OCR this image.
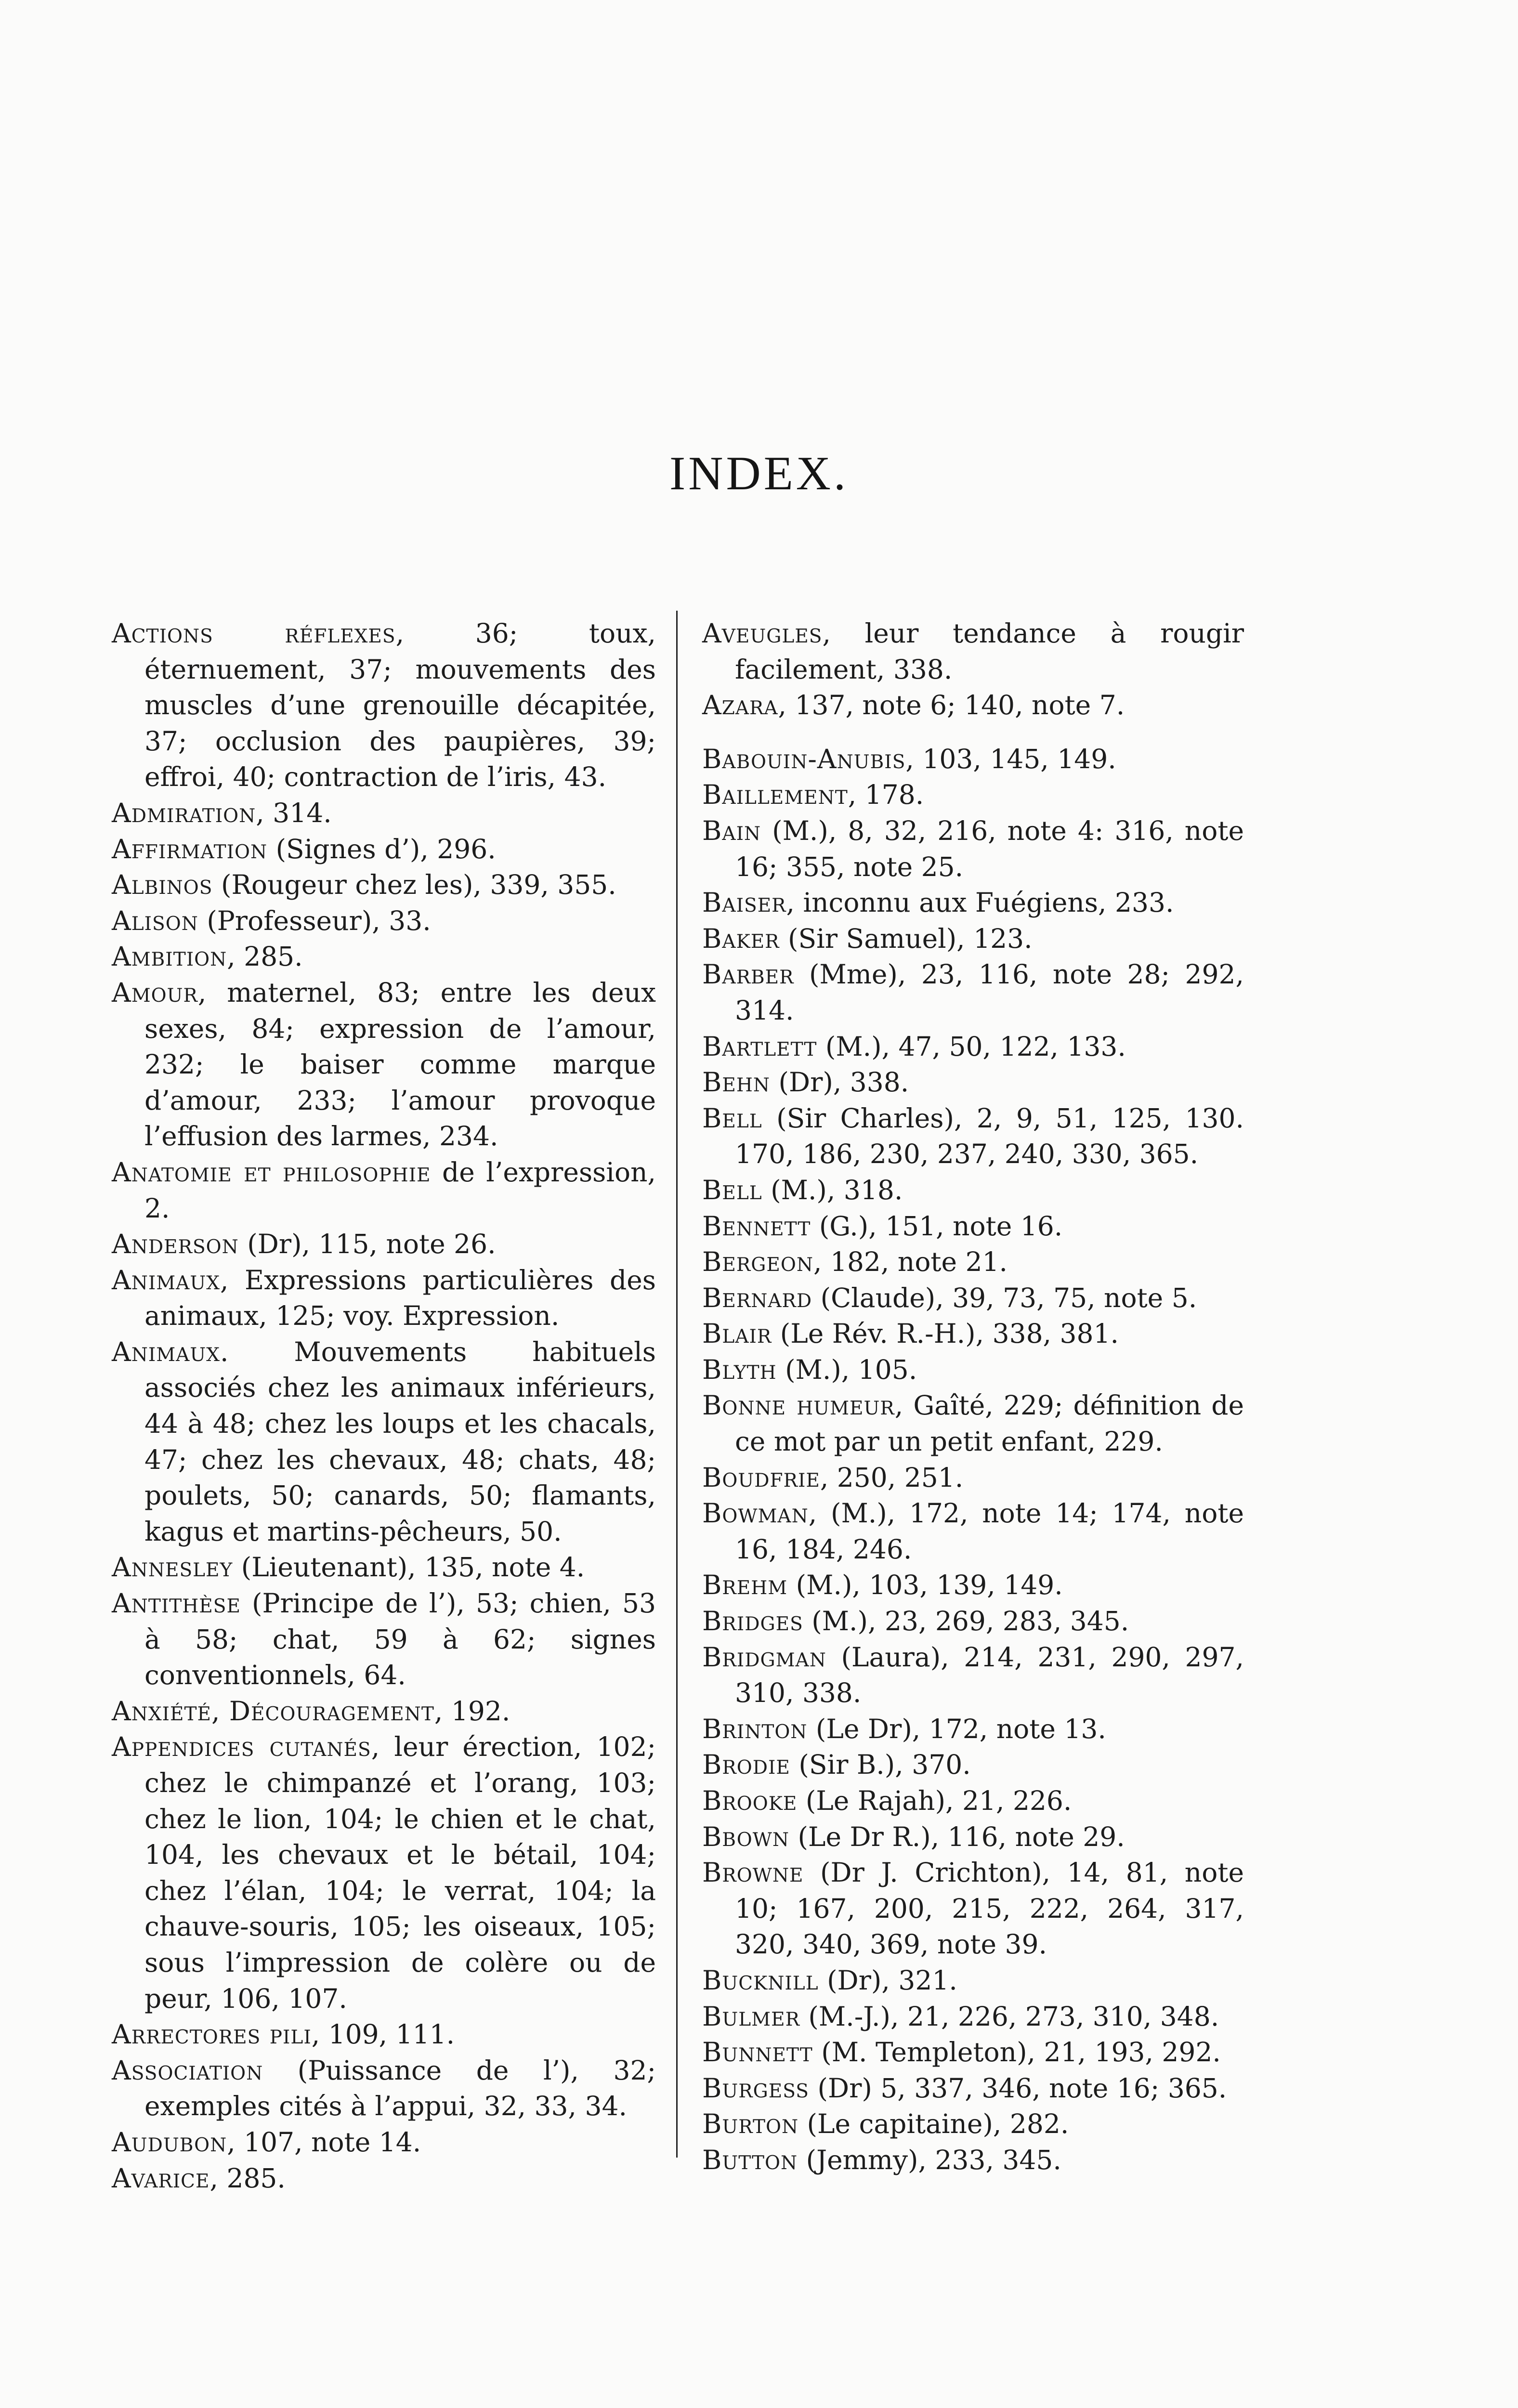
INDEX.
Actions réflexes, 36; toux, éternuement, 37; mouvements des muscles d’une grenouille décapitée, 37; occlusion des paupières, 39; effroi, 40; contraction de l’iris, 43.
Admiration, 314.
Affirmation (Signes d’), 296.
Albinos (Rougeur chez les), 339, 355.
Alison (Professeur), 33.
Ambition, 285.
Amour, maternel, 83; entre les deux sexes, 84; expression de l’amour, 232; le baiser comme marque d’amour, 233; l’amour provoque l’effusion des larmes, 234.
Anatomie et philosophie de l’expression, 2.
Anderson (Dr), 115, note 26.
Animaux, Expressions particulières des animaux, 125; voy. Expression.
Animaux. Mouvements habituels associés chez les animaux inférieurs, 44 à 48; chez les loups et les chacals, 47; chez les chevaux, 48; chats, 48; poulets, 50; canards, 50; flamants, kagus et martins-pêcheurs, 50.
Annesley (Lieutenant), 135, note 4.
Antithèse (Principe de l’), 53; chien, 53 à 58; chat, 59 à 62; signes conventionnels, 64.
Anxiété, Découragement, 192.
Appendices cutanés, leur érection, 102; chez le chimpanzé et l’orang, 103; chez le lion, 104; le chien et le chat, 104, les chevaux et le bétail, 104; chez l’élan, 104; le verrat, 104; la chauve-souris, 105; les oiseaux, 105; sous l’impression de colère ou de peur, 106, 107.
Arrectores pili, 109, 111.
Association (Puissance de l’), 32; exemples cités à l’appui, 32, 33, 34.
Audubon, 107, note 14.
Avarice, 285.
Aveugles, leur tendance à rougir facilement, 338.
Azara, 137, note 6; 140, note 7.
Babouin-Anubis, 103, 145, 149.
Baillement, 178.
Bain (M.), 8, 32, 216, note 4: 316, note 16; 355, note 25.
Baiser, inconnu aux Fuégiens, 233.
Baker (Sir Samuel), 123.
Barber (Mme), 23, 116, note 28; 292, 314.
Bartlett (M.), 47, 50, 122, 133.
Behn (Dr), 338.
Bell (Sir Charles), 2, 9, 51, 125, 130. 170, 186, 230, 237, 240, 330, 365.
Bell (M.), 318.
Bennett (G.), 151, note 16.
Bergeon, 182, note 21.
Bernard (Claude), 39, 73, 75, note 5.
Blair (Le Rév. R.-H.), 338, 381.
Blyth (M.), 105.
Bonne humeur, Gaîté, 229; définition de ce mot par un petit enfant, 229.
Boudfrie, 250, 251.
Bowman, (M.), 172, note 14; 174, note 16, 184, 246.
Brehm (M.), 103, 139, 149.
Bridges (M.), 23, 269, 283, 345.
Bridgman (Laura), 214, 231, 290, 297, 310, 338.
Brinton (Le Dr), 172, note 13.
Brodie (Sir B.), 370.
Brooke (Le Rajah), 21, 226.
Bbown (Le Dr R.), 116, note 29.
Browne (Dr J. Crichton), 14, 81, note 10; 167, 200, 215, 222, 264, 317, 320, 340, 369, note 39.
Bucknill (Dr), 321.
Bulmer (M.-J.), 21, 226, 273, 310, 348.
Bunnett (M. Templeton), 21, 193, 292.
Burgess (Dr) 5, 337, 346, note 16; 365.
Burton (Le capitaine), 282.
Button (Jemmy), 233, 345.
